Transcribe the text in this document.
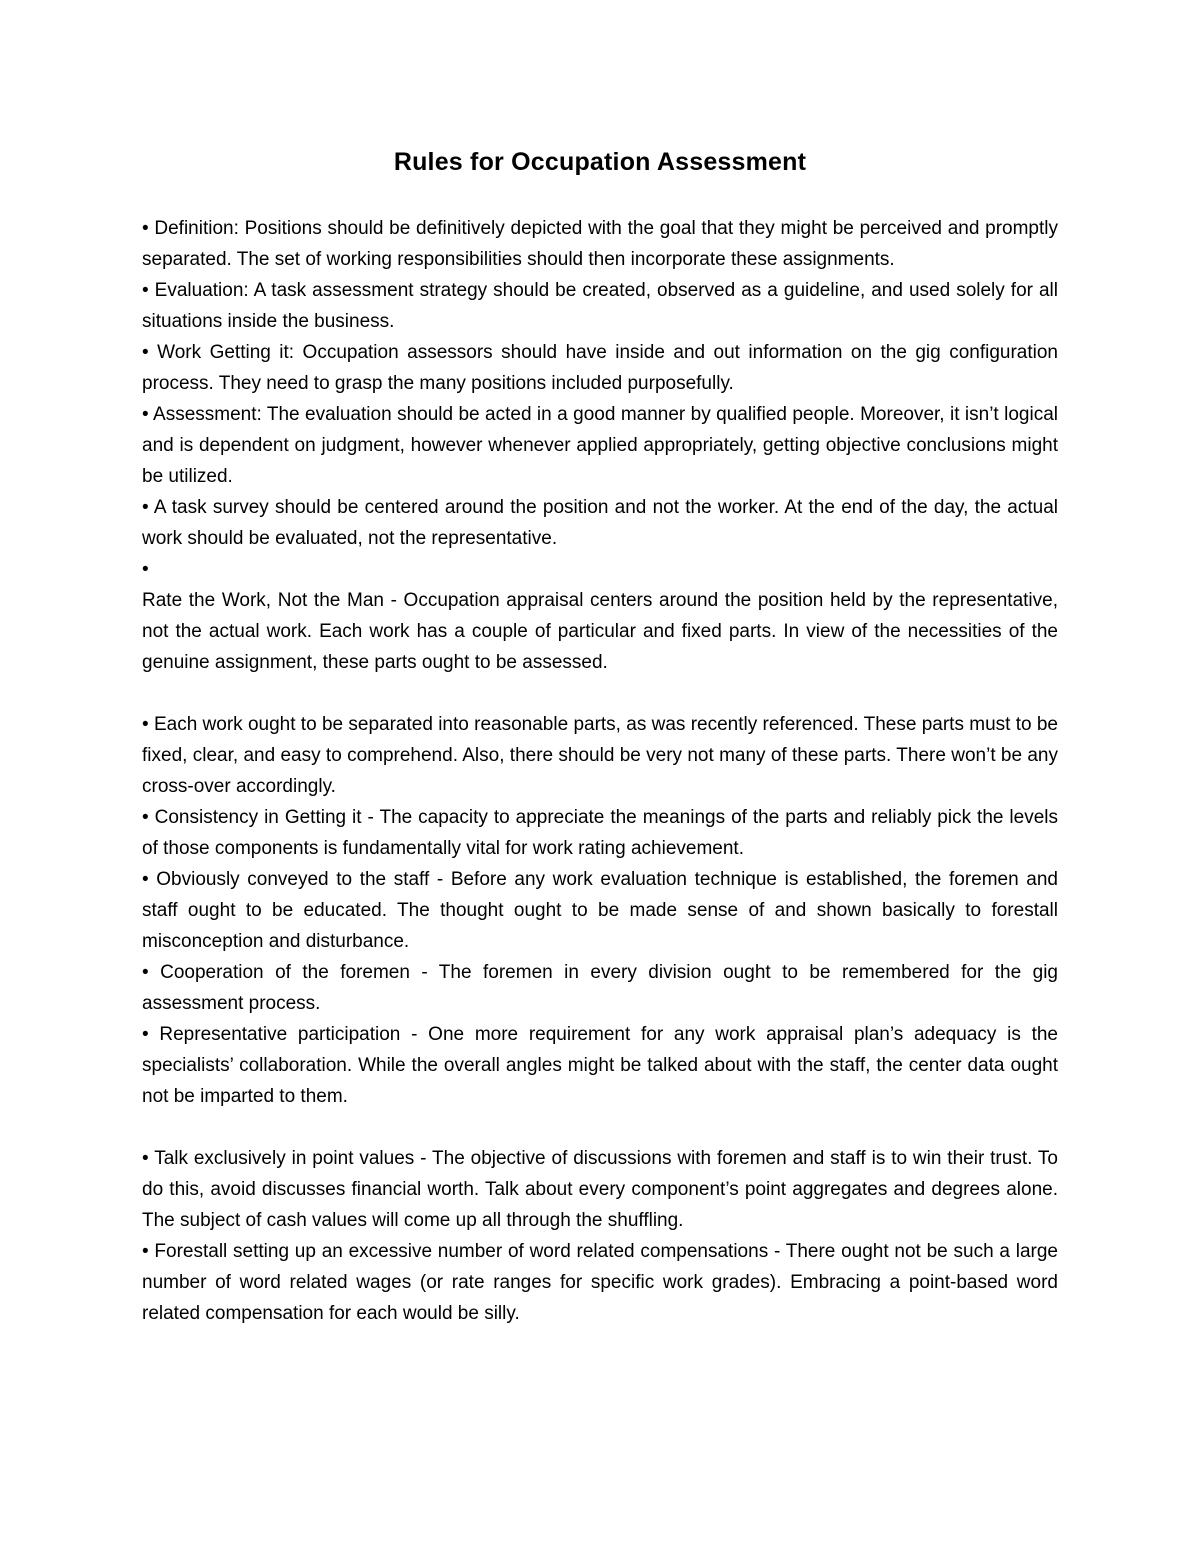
Rules for Occupation Assessment

• Definition: Positions should be definitively depicted with the goal that they might be perceived and promptly separated. The set of working responsibilities should then incorporate these assignments.

• Evaluation: A task assessment strategy should be created, observed as a guideline, and used solely for all situations inside the business.

• Work Getting it: Occupation assessors should have inside and out information on the gig configuration process. They need to grasp the many positions included purposefully.

• Assessment: The evaluation should be acted in a good manner by qualified people. Moreover, it isn’t logical and is dependent on judgment, however whenever applied appropriately, getting objective conclusions might be utilized.

• A task survey should be centered around the position and not the worker. At the end of the day, the actual work should be evaluated, not the representative.

•

Rate the Work, Not the Man - Occupation appraisal centers around the position held by the representative, not the actual work. Each work has a couple of particular and fixed parts. In view of the necessities of the genuine assignment, these parts ought to be assessed.

• Each work ought to be separated into reasonable parts, as was recently referenced. These parts must to be fixed, clear, and easy to comprehend. Also, there should be very not many of these parts. There won’t be any cross-over accordingly.

• Consistency in Getting it - The capacity to appreciate the meanings of the parts and reliably pick the levels of those components is fundamentally vital for work rating achievement.

• Obviously conveyed to the staff - Before any work evaluation technique is established, the foremen and staff ought to be educated. The thought ought to be made sense of and shown basically to forestall misconception and disturbance.

• Cooperation of the foremen - The foremen in every division ought to be remembered for the gig assessment process.

• Representative participation - One more requirement for any work appraisal plan’s adequacy is the specialists’ collaboration. While the overall angles might be talked about with the staff, the center data ought not be imparted to them.

• Talk exclusively in point values - The objective of discussions with foremen and staff is to win their trust. To do this, avoid discusses financial worth. Talk about every component’s point aggregates and degrees alone. The subject of cash values will come up all through the shuffling.

• Forestall setting up an excessive number of word related compensations - There ought not be such a large number of word related wages (or rate ranges for specific work grades). Embracing a point-based word related compensation for each would be silly.
